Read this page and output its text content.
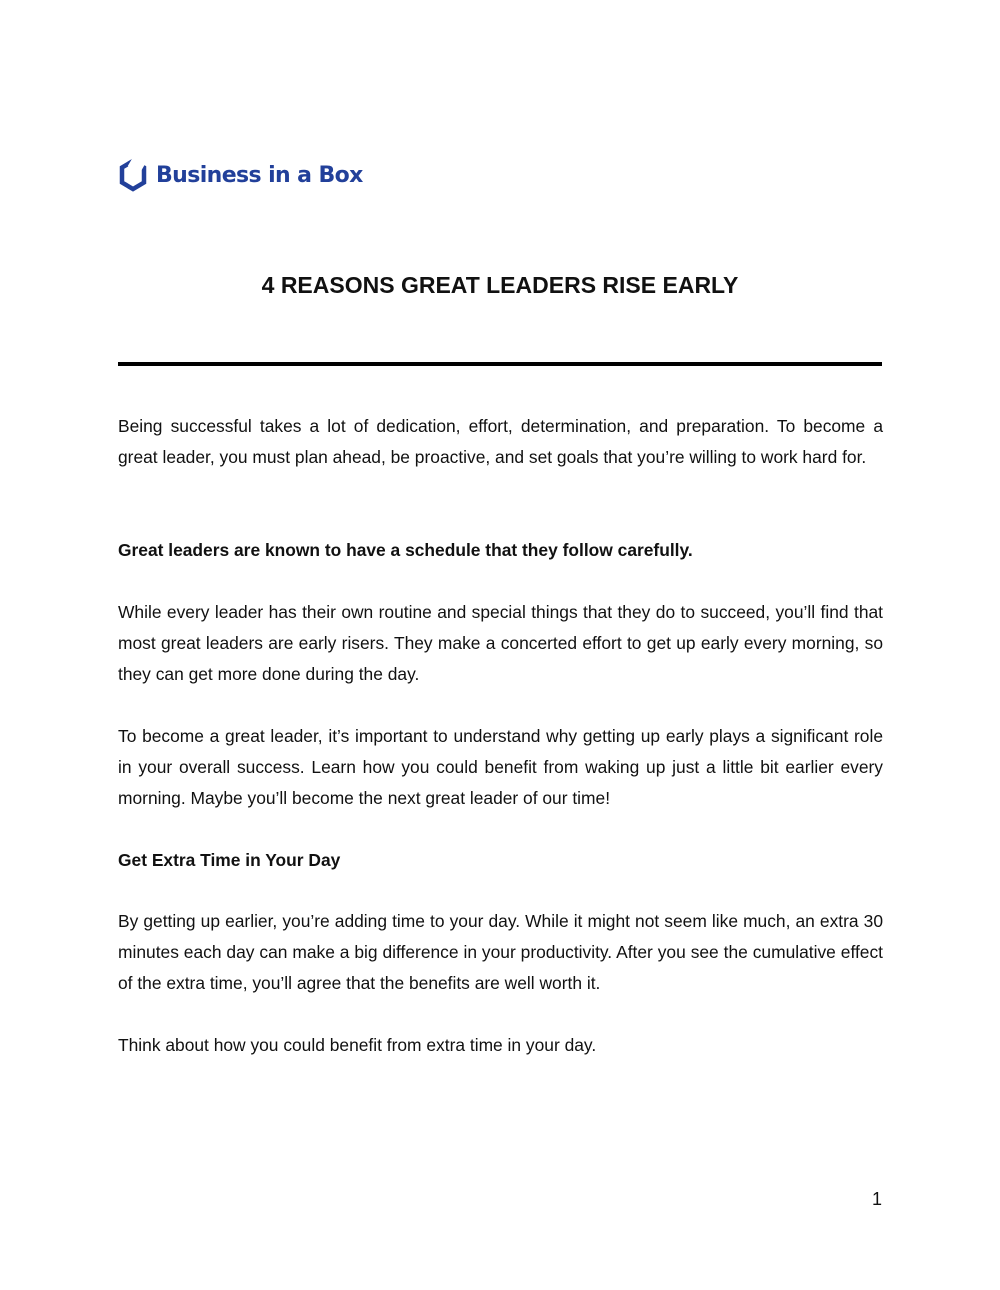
Business in a Box
4 REASONS GREAT LEADERS RISE EARLY

Being successful takes a lot of dedication, effort, determination, and preparation. To become a great leader, you must plan ahead, be proactive, and set goals that you’re willing to work hard for.

Great leaders are known to have a schedule that they follow carefully.

While every leader has their own routine and special things that they do to succeed, you’ll find that most great leaders are early risers. They make a concerted effort to get up early every morning, so they can get more done during the day.

To become a great leader, it’s important to understand why getting up early plays a significant role in your overall success. Learn how you could benefit from waking up just a little bit earlier every morning. Maybe you’ll become the next great leader of our time!

Get Extra Time in Your Day

By getting up earlier, you’re adding time to your day. While it might not seem like much, an extra 30 minutes each day can make a big difference in your productivity. After you see the cumulative effect of the extra time, you’ll agree that the benefits are well worth it.

Think about how you could benefit from extra time in your day.

1
